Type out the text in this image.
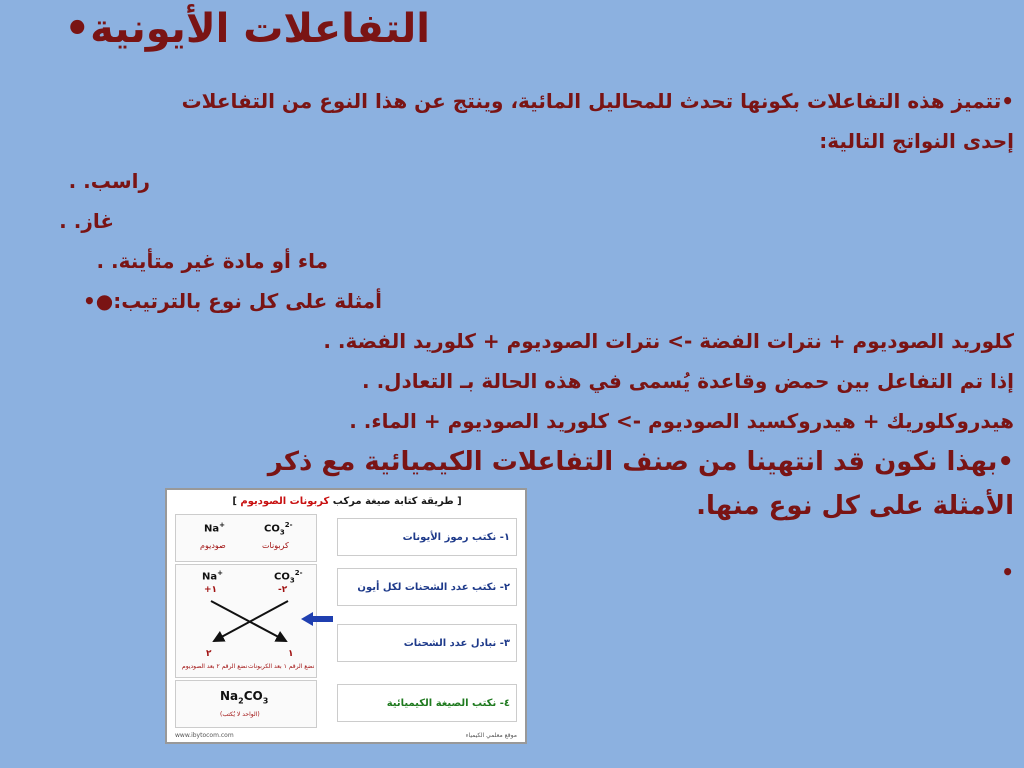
التفاعلات الأيونية•

•تتميز هذه التفاعلات بكونها تحدث للمحاليل المائية، وينتج عن هذا النوع من التفاعلات

إحدى النواتج التالية:

راسب. .

غاز. .

ماء أو مادة غير متأينة. .

أمثلة على كل نوع بالترتيب:●•

كلوريد الصوديوم + نترات الفضة -> نترات الصوديوم + كلوريد الفضة. .

إذا تم التفاعل بين حمض وقاعدة يُسمى في هذه الحالة بـ التعادل. .

هيدروكلوريك + هيدروكسيد الصوديوم -> كلوريد الصوديوم + الماء. .

•بهذا نكون قد انتهينا من صنف التفاعلات الكيميائية مع ذكر

الأمثلة على كل نوع منها.

•
[ طريقة كتابة صيغة مركب كربونات الصوديوم ]
Na+	$CO_3^{2-}$
صوديوم	كربونات
١- نكتب رموز الأيونات
Na+	$CO_3^{2-}$
+١	-٢
٢	١
نضع الرقم ٢ بعد الصوديوم نضع الرقم ١ بعد الكربونات
٢- نكتب عدد الشحنات لكل أيون
٣- نبادل عدد الشحنات
$Na_2CO_3$
(الواحد لا يُكتب)
٤- نكتب الصيغة الكيميائية
www.ibytocom.com	موقع معلمي الكيمياء
